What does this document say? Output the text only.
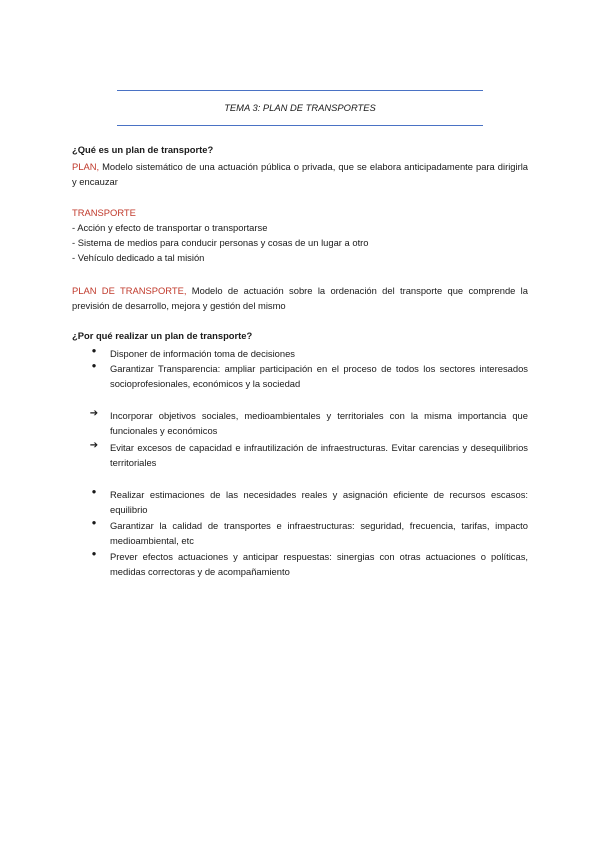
TEMA 3: PLAN DE TRANSPORTES
¿Qué es un plan de transporte?
PLAN, Modelo sistemático de una actuación pública o privada, que se elabora anticipadamente para dirigirla y encauzar
TRANSPORTE
- Acción y efecto de transportar o transportarse
- Sistema de medios para conducir personas y cosas de un lugar a otro
- Vehículo dedicado a tal misión
PLAN DE TRANSPORTE, Modelo de actuación sobre la ordenación del transporte que comprende la previsión de desarrollo, mejora y gestión del mismo
¿Por qué realizar un plan de transporte?
●	Disponer de información toma de decisiones
●	Garantizar Transparencia: ampliar participación en el proceso de todos los sectores interesados socioprofesionales, económicos y la sociedad
➔ Incorporar objetivos sociales, medioambientales y territoriales con la misma importancia que funcionales y económicos
➔ Evitar excesos de capacidad e infrautilización de infraestructuras. Evitar carencias y desequilibrios territoriales
●	Realizar estimaciones de las necesidades reales y asignación eficiente de recursos escasos: equilibrio
●	Garantizar la calidad de transportes e infraestructuras: seguridad, frecuencia, tarifas, impacto medioambiental, etc
●	Prever efectos actuaciones y anticipar respuestas: sinergias con otras actuaciones o políticas, medidas correctoras y de acompañamiento
